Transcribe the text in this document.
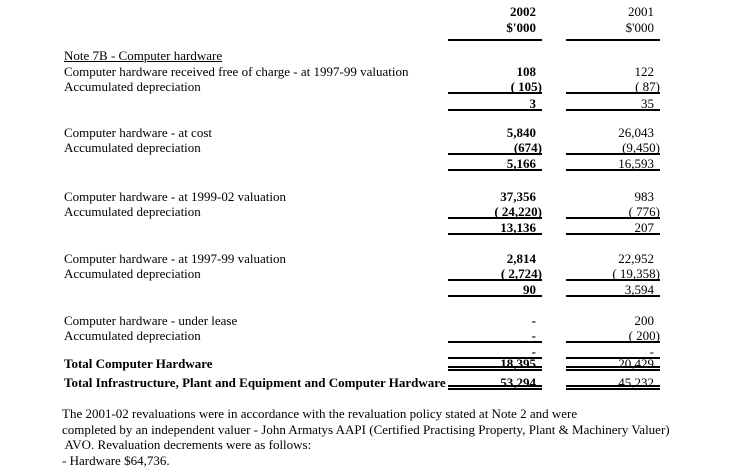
2002	2001
$'000	$'000
Note 7B - Computer hardware
Computer hardware received free of charge - at 1997-99 valuation	108	122
Accumulated depreciation	( 105)	( 87)
3	35
Computer hardware - at cost	5,840	26,043
Accumulated depreciation	(674)	(9,450)
5,166	16,593
Computer hardware - at 1999-02 valuation	37,356	983
Accumulated depreciation	( 24,220)	( 776)
13,136	207
Computer hardware - at 1997-99 valuation	2,814	22,952
Accumulated depreciation	( 2,724)	( 19,358)
90	3,594
Computer hardware - under lease	-	200
Accumulated depreciation	-	( 200)
-	-
Total Computer Hardware	18,395	20,429
Total Infrastructure, Plant and Equipment and Computer Hardware	53,294	45,232
The 2001-02 revaluations were in accordance with the revaluation policy stated at Note 2 and were
completed by an independent valuer - John Armatys AAPI (Certified Practising Property, Plant & Machinery Valuer)
AVO. Revaluation decrements were as follows:
- Hardware $64,736.
